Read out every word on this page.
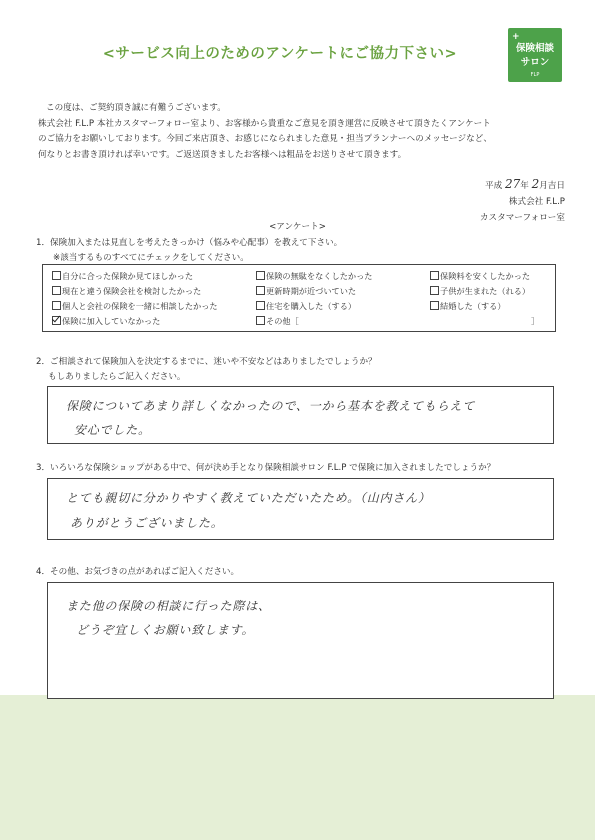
<サービス向上のためのアンケートにご協力下さい>
+
保険相談
サロン
FLP
この度は、ご契約頂き誠に有難うございます。
株式会社 F.L.P 本社カスタマーフォロー室より、お客様から貴重なご意見を頂き運営に反映させて頂きたくアンケート
のご協力をお願いしております。今回ご来店頂き、お感じになられました意見・担当プランナーへのメッセージなど、
何なりとお書き頂ければ幸いです。ご返送頂きましたお客様へは粗品をお送りさせて頂きます。
平成 27年 2月吉日
株式会社 F.L.P
カスタマーフォロー室
<アンケート>
1．保険加入または見直しを考えたきっかけ（悩みや心配事）を教えて下さい。
※該当するものすべてにチェックをしてください。
自分に合った保険か見てほしかった	保険の無駄をなくしたかった	保険料を安くしたかった
現在と違う保険会社を検討したかった	更新時期が近づいていた	子供が生まれた（れる）
個人と会社の保険を一緒に相談したかった	住宅を購入した（する）	結婚した（する）
保険に加入していなかった	その他［	］
2．ご相談されて保険加入を決定するまでに、迷いや不安などはありましたでしょうか？
もしありましたらご記入ください。
保険についてあまり詳しくなかったので、一から基本を教えてもらえて
安心でした。
3．いろいろな保険ショップがある中で、何が決め手となり保険相談サロン F.L.P で保険に加入されましたでしょうか？
とても親切に分かりやすく教えていただいたため。（山内さん）
ありがとうございました。
4．その他、お気づきの点があればご記入ください。
また他の保険の相談に行った際は、
どうぞ宜しくお願い致します。
